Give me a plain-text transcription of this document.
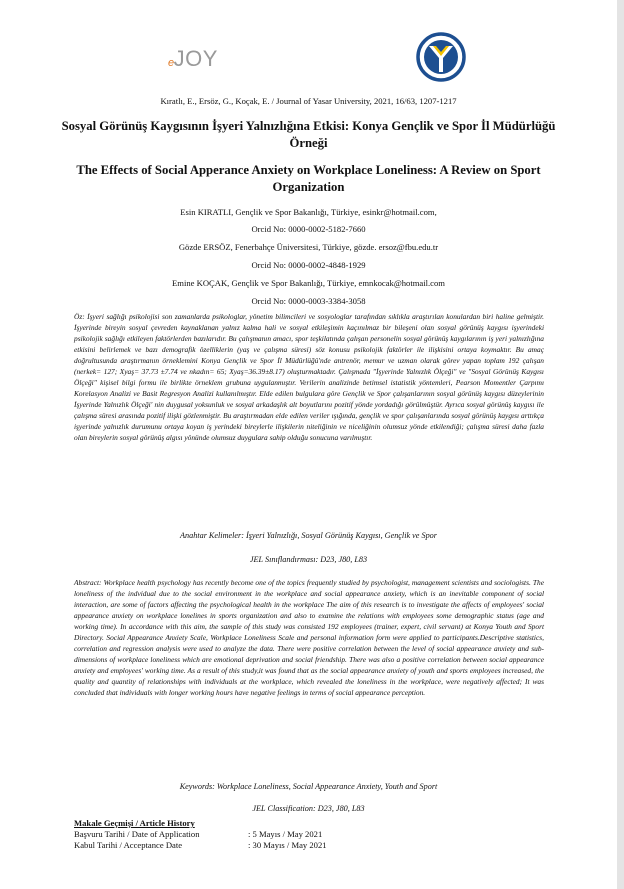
eJOY
Kıratlı, E., Ersöz, G., Koçak, E. / Journal of Yasar University, 2021, 16/63, 1207-1217
Sosyal Görünüş Kaygısının İşyeri Yalnızlığına Etkisi: Konya Gençlik ve Spor İl Müdürlüğü Örneği
The Effects of Social Apperance Anxiety on Workplace Loneliness: A Review on Sport Organization
Esin KIRATLI, Gençlik ve Spor Bakanlığı, Türkiye, esinkr@hotmail.com,
Orcid No: 0000-0002-5182-7660
Gözde ERSÖZ, Fenerbahçe Üniversitesi, Türkiye, gözde. ersoz@fbu.edu.tr
Orcid No: 0000-0002-4848-1929
Emine KOÇAK, Gençlik ve Spor Bakanlığı, Türkiye, emnkocak@hotmail.com
Orcid No: 0000-0003-3384-3058

Öz: İşyeri sağlığı psikolojisi son zamanlarda psikologlar, yönetim bilimcileri ve sosyologlar tarafından sıklıkla araştırılan konulardan biri haline gelmiştir. İşyerinde bireyin sosyal çevreden kaynaklanan yalnız kalma hali ve sosyal etkileşimin kaçınılmaz bir bileşeni olan sosyal görünüş kaygısı işyerindeki psikolojik sağlığı etkileyen faktörlerden bazılarıdır. Bu çalışmanın amacı, spor teşkilatında çalışan personelin sosyal görünüş kaygılarının iş yeri yalnızlığına etkisini belirlemek ve bazı demografik özelliklerin (yaş ve çalışma süresi) söz konusu psikolojik faktörler ile ilişkisini ortaya koymaktır. Bu amaç doğrultusunda araştırmanın örneklemini Konya Gençlik ve Spor İl Müdürlüğü'nde antrenör, memur ve uzman olarak görev yapan toplam 192 çalışan (nerkek= 127; Xyaş= 37.73 ±7.74 ve nkadın= 65; Xyaş=36.39±8.17) oluşturmaktadır. Çalışmada "İşyerinde Yalnızlık Ölçeği" ve "Sosyal Görünüş Kaygısı Ölçeği" kişisel bilgi formu ile birlikte örneklem grubuna uygulanmıştır. Verilerin analizinde betimsel istatistik yöntemleri, Pearson Momentler Çarpımı Korelasyon Analizi ve Basit Regresyon Analizi kullanılmıştır. Elde edilen bulgulara göre Gençlik ve Spor çalışanlarının sosyal görünüş kaygısı düzeylerinin İşyerinde Yalnızlık Ölçeği' nin duygusal yoksunluk ve sosyal arkadaşlık alt boyutlarını pozitif yönde yordadığı görülmüştür. Ayrıca sosyal görünüş kaygısı ile çalışma süresi arasında pozitif ilişki gözlenmiştir. Bu araştırmadan elde edilen veriler ışığında, gençlik ve spor çalışanlarında sosyal görünüş kaygısı arttıkça işyerinde yalnızlık durumunu ortaya koyan iş yerindeki bireylerle ilişkilerin niteliğinin ve niceliğinin olumsuz yönde etkilendiği; çalışma süresi daha fazla olan bireylerin sosyal görünüş algısı yönünde olumsuz duygulara sahip olduğu sonucuna varılmıştır.

Anahtar Kelimeler: İşyeri Yalnızlığı, Sosyal Görünüş Kaygısı, Gençlik ve Spor
JEL Sınıflandırması: D23, J80, L83

Abstract: Workplace health psychology has recently become one of the topics frequently studied by psychologist, management scientists and sociologists. The loneliness of the indvidual due to the social environment in the workplace and social appearance anxiety, which is an inevitable component of social interaction, are some of factors affecting the psychological health in the workplace The aim of this research is to investigate the affects of employees' social appearance anxiety on workplace lonelines in sports organization and also to examine the relations with employees some demographic status (age and working time). In accordance with this aim, the sample of this study was consisted 192 employees (trainer, expert, civil servant) at Konya Youth and Sport Directory. Social Appearance Anxiety Scale, Workplace Loneliness Scale and personal information form were applied to participants.Descriptive statistics, correlation and regression analysis were used to analyze the data. There were positive correlation between the level of social appearance anxiety and sub-dimensions of workplace loneliness which are emotional deprivation and social friendship. There was also a positive correlation between social appearance anxiety and employees' working time. As a result of this study,it was found that as the social appearance anxiety of youth and sports employees increased, the quality and quantity of relationships with individuals at the workplace, which revealed the loneliness in the workplace, were negatively affected; It was concluded that individuals with longer working hours have negative feelings in terms of social appearance perception.

Keywords: Workplace Loneliness, Social Appearance Anxiety, Youth and Sport
JEL Classification: D23, J80, L83
Makale Geçmişi / Article History
Başvuru Tarihi / Date of Application	: 5 Mayıs / May 2021
Kabul Tarihi / Acceptance Date	: 30 Mayıs / May 2021
